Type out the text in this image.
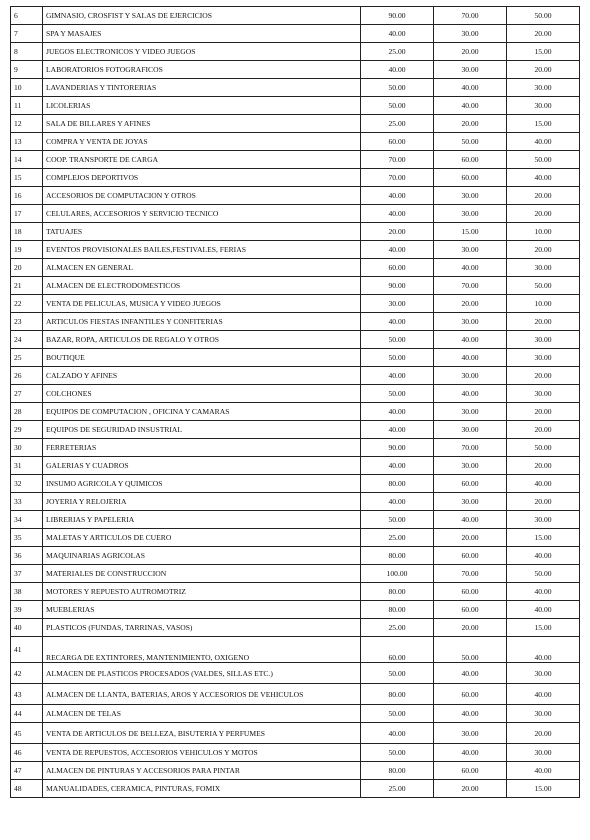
6	GIMNASIO, CROSFIST Y SALAS DE EJERCICIOS	90.00	70.00	50.00
7	SPA Y MASAJES	40.00	30.00	20.00
8	JUEGOS ELECTRONICOS Y VIDEO JUEGOS	25.00	20.00	15.00
9	LABORATORIOS FOTOGRAFICOS	40.00	30.00	20.00
10	LAVANDERIAS Y TINTORERIAS	50.00	40.00	30.00
11	LICOLERIAS	50.00	40.00	30.00
12	SALA DE BILLARES Y AFINES	25.00	20.00	15.00
13	COMPRA Y VENTA DE JOYAS	60.00	50.00	40.00
14	COOP. TRANSPORTE DE CARGA	70.00	60.00	50.00
15	COMPLEJOS DEPORTIVOS	70.00	60.00	40.00
16	ACCESORIOS DE COMPUTACION Y OTROS	40.00	30.00	20.00
17	CELULARES, ACCESORIOS Y SERVICIO TECNICO	40.00	30.00	20.00
18	TATUAJES	20.00	15.00	10.00
19	EVENTOS PROVISIONALES BAILES,FESTIVALES, FERIAS	40.00	30.00	20.00
20	ALMACEN EN GENERAL	60.00	40.00	30.00
21	ALMACEN DE ELECTRODOMESTICOS	90.00	70.00	50.00
22	VENTA DE PELICULAS, MUSICA Y VIDEO JUEGOS	30.00	20.00	10.00
23	ARTICULOS FIESTAS INFANTILES Y CONFITERIAS	40.00	30.00	20.00
24	BAZAR, ROPA, ARTICULOS DE REGALO Y OTROS	50.00	40.00	30.00
25	BOUTIQUE	50.00	40.00	30.00
26	CALZADO Y AFINES	40.00	30.00	20.00
27	COLCHONES	50.00	40.00	30.00
28	EQUIPOS DE COMPUTACION , OFICINA Y CAMARAS	40.00	30.00	20.00
29	EQUIPOS DE SEGURIDAD INSUSTRIAL	40.00	30.00	20.00
30	FERRETERIAS	90.00	70.00	50.00
31	GALERIAS Y CUADROS	40.00	30.00	20.00
32	INSUMO AGRICOLA Y QUIMICOS	80.00	60.00	40.00
33	JOYERIA Y RELOJERIA	40.00	30.00	20.00
34	LIBRERIAS Y PAPELERIA	50.00	40.00	30.00
35	MALETAS Y ARTICULOS DE CUERO	25.00	20.00	15.00
36	MAQUINARIAS AGRICOLAS	80.00	60.00	40.00
37	MATERIALES DE CONSTRUCCION	100.00	70.00	50.00
38	MOTORES Y REPUESTO AUTROMOTRIZ	80.00	60.00	40.00
39	MUEBLERIAS	80.00	60.00	40.00
40	PLASTICOS (FUNDAS, TARRINAS, VASOS)	25.00	20.00	15.00
41	RECARGA DE EXTINTORES, MANTENIMIENTO, OXIGENO	60.00	50.00	40.00
42	ALMACEN DE PLASTICOS PROCESADOS (VALDES, SILLAS ETC.)	50.00	40.00	30.00
43	ALMACEN DE LLANTA, BATERIAS, AROS Y ACCESORIOS DE VEHICULOS	80.00	60.00	40.00
44	ALMACEN DE TELAS	50.00	40.00	30.00
45	VENTA DE ARTICULOS DE BELLEZA, BISUTERIA Y PERFUMES	40.00	30.00	20.00
46	VENTA DE REPUESTOS, ACCESORIOS VEHICULOS Y MOTOS	50.00	40.00	30.00
47	ALMACEN DE PINTURAS Y ACCESORIOS PARA PINTAR	80.00	60.00	40.00
48	MANUALIDADES, CERAMICA, PINTURAS, FOMIX	25.00	20.00	15.00
